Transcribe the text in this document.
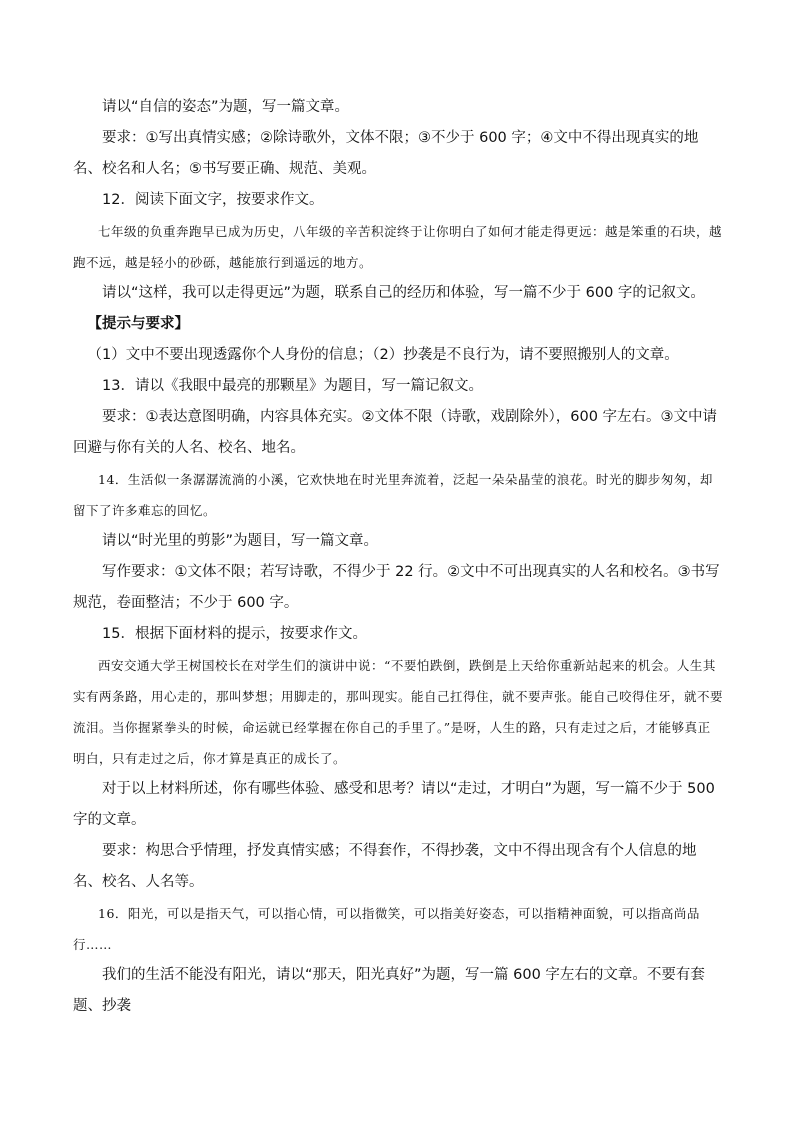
请以“自信的姿态”为题，写一篇文章。

要求：①写出真情实感；②除诗歌外，文体不限；③不少于 600 字；④文中不得出现真实的地名、校名和人名；⑤书写要正确、规范、美观。

12．阅读下面文字，按要求作文。

七年级的负重奔跑早已成为历史，八年级的辛苦积淀终于让你明白了如何才能走得更远：越是笨重的石块，越跑不远，越是轻小的砂砾，越能旅行到遥远的地方。

请以“这样，我可以走得更远”为题，联系自己的经历和体验，写一篇不少于 600 字的记叙文。

【提示与要求】

（1）文中不要出现透露你个人身份的信息；（2）抄袭是不良行为，请不要照搬别人的文章。

13．请以《我眼中最亮的那颗星》为题目，写一篇记叙文。

要求：①表达意图明确，内容具体充实。②文体不限（诗歌，戏剧除外），600 字左右。③文中请回避与你有关的人名、校名、地名。

14．生活似一条潺潺流淌的小溪，它欢快地在时光里奔流着，泛起一朵朵晶莹的浪花。时光的脚步匆匆，却留下了许多难忘的回忆。

请以“时光里的剪影”为题目，写一篇文章。

写作要求：①文体不限；若写诗歌，不得少于 22 行。②文中不可出现真实的人名和校名。③书写规范，卷面整洁；不少于 600 字。

15．根据下面材料的提示，按要求作文。

西安交通大学王树国校长在对学生们的演讲中说：“不要怕跌倒，跌倒是上天给你重新站起来的机会。人生其实有两条路，用心走的，那叫梦想；用脚走的，那叫现实。能自己扛得住，就不要声张。能自己咬得住牙，就不要流泪。当你握紧拳头的时候，命运就已经掌握在你自己的手里了。”是呀，人生的路，只有走过之后，才能够真正明白，只有走过之后，你才算是真正的成长了。

对于以上材料所述，你有哪些体验、感受和思考？请以“走过，才明白”为题，写一篇不少于 500 字的文章。

要求：构思合乎情理，抒发真情实感；不得套作，不得抄袭，文中不得出现含有个人信息的地名、校名、人名等。

16．阳光，可以是指天气，可以指心情，可以指微笑，可以指美好姿态，可以指精神面貌，可以指高尚品行……

我们的生活不能没有阳光，请以“那天，阳光真好”为题，写一篇 600 字左右的文章。不要有套题、抄袭
